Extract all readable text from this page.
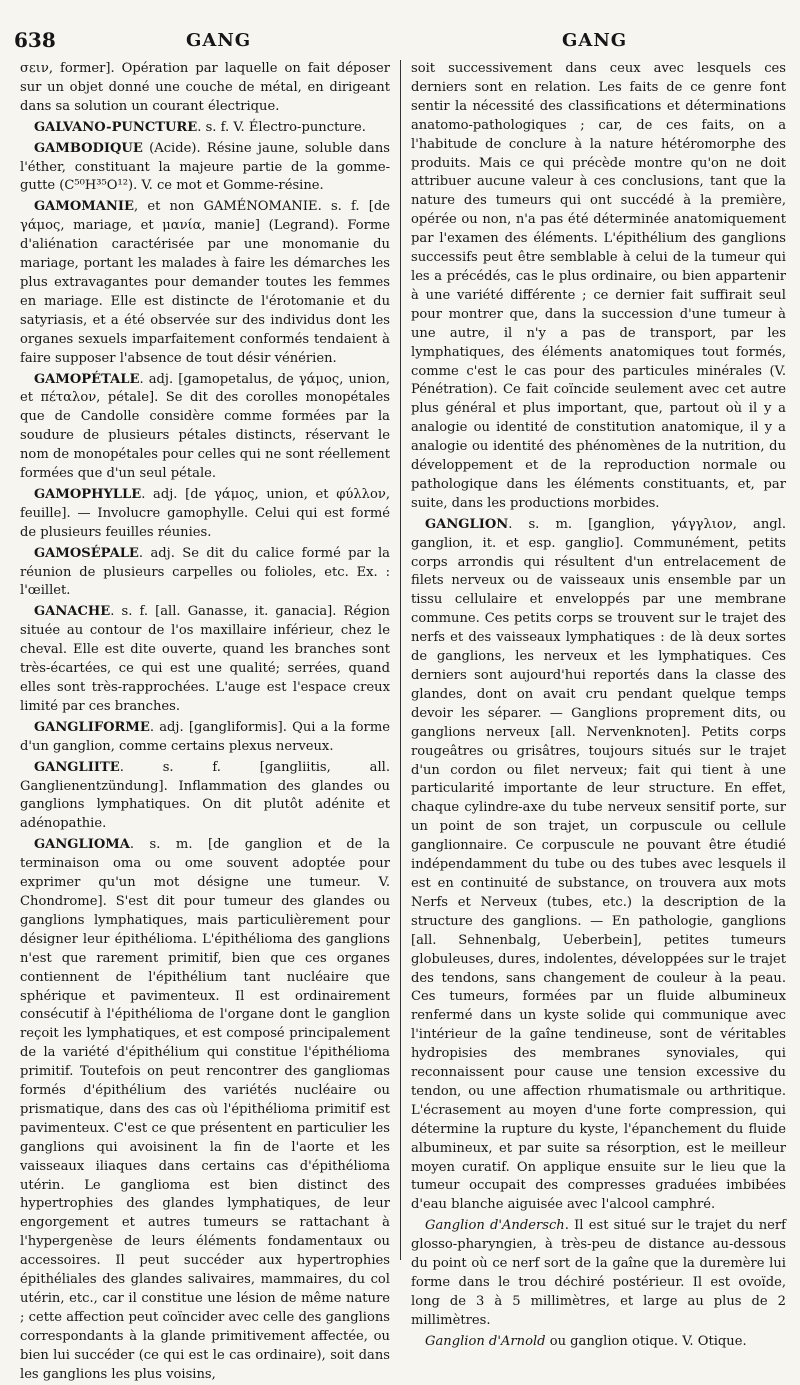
638	GANG	GANG

σειν, former]. Opération par laquelle on fait déposer sur un objet donné une couche de métal, en dirigeant dans sa solution un courant électrique.

GALVANO-PUNCTURE. s. f. V. Électro-puncture.

GAMBODIQUE (Acide). Résine jaune, soluble dans l'éther, constituant la majeure partie de la gomme-gutte (C⁵⁰H³⁵O¹²). V. ce mot et Gomme-résine.

GAMOMANIE, et non GAMÉNOMANIE. s. f. [de γάμος, mariage, et μανία, manie] (Legrand). Forme d'aliénation caractérisée par une monomanie du mariage, portant les malades à faire les démarches les plus extravagantes pour demander toutes les femmes en mariage. Elle est distincte de l'érotomanie et du satyriasis, et a été observée sur des individus dont les organes sexuels imparfaitement conformés tendaient à faire supposer l'absence de tout désir vénérien.

GAMOPÉTALE. adj. [gamopetalus, de γάμος, union, et πέταλον, pétale]. Se dit des corolles monopétales que de Candolle considère comme formées par la soudure de plusieurs pétales distincts, réservant le nom de monopétales pour celles qui ne sont réellement formées que d'un seul pétale.

GAMOPHYLLE. adj. [de γάμος, union, et φύλλον, feuille]. — Involucre gamophylle. Celui qui est formé de plusieurs feuilles réunies.

GAMOSÉPALE. adj. Se dit du calice formé par la réunion de plusieurs carpelles ou folioles, etc. Ex. : l'œillet.

GANACHE. s. f. [all. Ganasse, it. ganacia]. Région située au contour de l'os maxillaire inférieur, chez le cheval. Elle est dite ouverte, quand les branches sont très-écartées, ce qui est une qualité; serrées, quand elles sont très-rapprochées. L'auge est l'espace creux limité par ces branches.

GANGLIFORME. adj. [gangliformis]. Qui a la forme d'un ganglion, comme certains plexus nerveux.

GANGLIITE. s. f. [gangliitis, all. Ganglienentzündung]. Inflammation des glandes ou ganglions lymphatiques. On dit plutôt adénite et adénopathie.

GANGLIOMA. s. m. [de ganglion et de la terminaison oma ou ome souvent adoptée pour exprimer qu'un mot désigne une tumeur. V. Chondrome]. S'est dit pour tumeur des glandes ou ganglions lymphatiques, mais particulièrement pour désigner leur épithélioma. L'épithélioma des ganglions n'est que rarement primitif, bien que ces organes contiennent de l'épithélium tant nucléaire que sphérique et pavimenteux. Il est ordinairement consécutif à l'épithélioma de l'organe dont le ganglion reçoit les lymphatiques, et est composé principalement de la variété d'épithélium qui constitue l'épithélioma primitif. Toutefois on peut rencontrer des gangliomas formés d'épithélium des variétés nucléaire ou prismatique, dans des cas où l'épithélioma primitif est pavimenteux. C'est ce que présentent en particulier les ganglions qui avoisinent la fin de l'aorte et les vaisseaux iliaques dans certains cas d'épithélioma utérin. Le ganglioma est bien distinct des hypertrophies des glandes lymphatiques, de leur engorgement et autres tumeurs se rattachant à l'hypergenèse de leurs éléments fondamentaux ou accessoires. Il peut succéder aux hypertrophies épithéliales des glandes salivaires, mammaires, du col utérin, etc., car il constitue une lésion de même nature ; cette affection peut coïncider avec celle des ganglions correspondants à la glande primitivement affectée, ou bien lui succéder (ce qui est le cas ordinaire), soit dans les ganglions les plus voisins,

soit successivement dans ceux avec lesquels ces derniers sont en relation. Les faits de ce genre font sentir la nécessité des classifications et déterminations anatomo-pathologiques ; car, de ces faits, on a l'habitude de conclure à la nature hétéromorphe des produits. Mais ce qui précède montre qu'on ne doit attribuer aucune valeur à ces conclusions, tant que la nature des tumeurs qui ont succédé à la première, opérée ou non, n'a pas été déterminée anatomiquement par l'examen des éléments. L'épithélium des ganglions successifs peut être semblable à celui de la tumeur qui les a précédés, cas le plus ordinaire, ou bien appartenir à une variété différente ; ce dernier fait suffirait seul pour montrer que, dans la succession d'une tumeur à une autre, il n'y a pas de transport, par les lymphatiques, des éléments anatomiques tout formés, comme c'est le cas pour des particules minérales (V. Pénétration). Ce fait coïncide seulement avec cet autre plus général et plus important, que, partout où il y a analogie ou identité de constitution anatomique, il y a analogie ou identité des phénomènes de la nutrition, du développement et de la reproduction normale ou pathologique dans les éléments constituants, et, par suite, dans les productions morbides.

GANGLION. s. m. [ganglion, γάγγλιον, angl. ganglion, it. et esp. ganglio]. Communément, petits corps arrondis qui résultent d'un entrelacement de filets nerveux ou de vaisseaux unis ensemble par un tissu cellulaire et enveloppés par une membrane commune. Ces petits corps se trouvent sur le trajet des nerfs et des vaisseaux lymphatiques : de là deux sortes de ganglions, les nerveux et les lymphatiques. Ces derniers sont aujourd'hui reportés dans la classe des glandes, dont on avait cru pendant quelque temps devoir les séparer. — Ganglions proprement dits, ou ganglions nerveux [all. Nervenknoten]. Petits corps rougeâtres ou grisâtres, toujours situés sur le trajet d'un cordon ou filet nerveux; fait qui tient à une particularité importante de leur structure. En effet, chaque cylindre-axe du tube nerveux sensitif porte, sur un point de son trajet, un corpuscule ou cellule ganglionnaire. Ce corpuscule ne pouvant être étudié indépendamment du tube ou des tubes avec lesquels il est en continuité de substance, on trouvera aux mots Nerfs et Nerveux (tubes, etc.) la description de la structure des ganglions. — En pathologie, ganglions [all. Sehnenbalg, Ueberbein], petites tumeurs globuleuses, dures, indolentes, développées sur le trajet des tendons, sans changement de couleur à la peau. Ces tumeurs, formées par un fluide albumineux renfermé dans un kyste solide qui communique avec l'intérieur de la gaîne tendineuse, sont de véritables hydropisies des membranes synoviales, qui reconnaissent pour cause une tension excessive du tendon, ou une affection rhumatismale ou arthritique. L'écrasement au moyen d'une forte compression, qui détermine la rupture du kyste, l'épanchement du fluide albumineux, et par suite sa résorption, est le meilleur moyen curatif. On applique ensuite sur le lieu que la tumeur occupait des compresses graduées imbibées d'eau blanche aiguisée avec l'alcool camphré.

Ganglion d'Andersch. Il est situé sur le trajet du nerf glosso-pharyngien, à très-peu de distance au-dessous du point où ce nerf sort de la gaîne que la duremère lui forme dans le trou déchiré postérieur. Il est ovoïde, long de 3 à 5 millimètres, et large au plus de 2 millimètres.

Ganglion d'Arnold ou ganglion otique. V. Otique.
